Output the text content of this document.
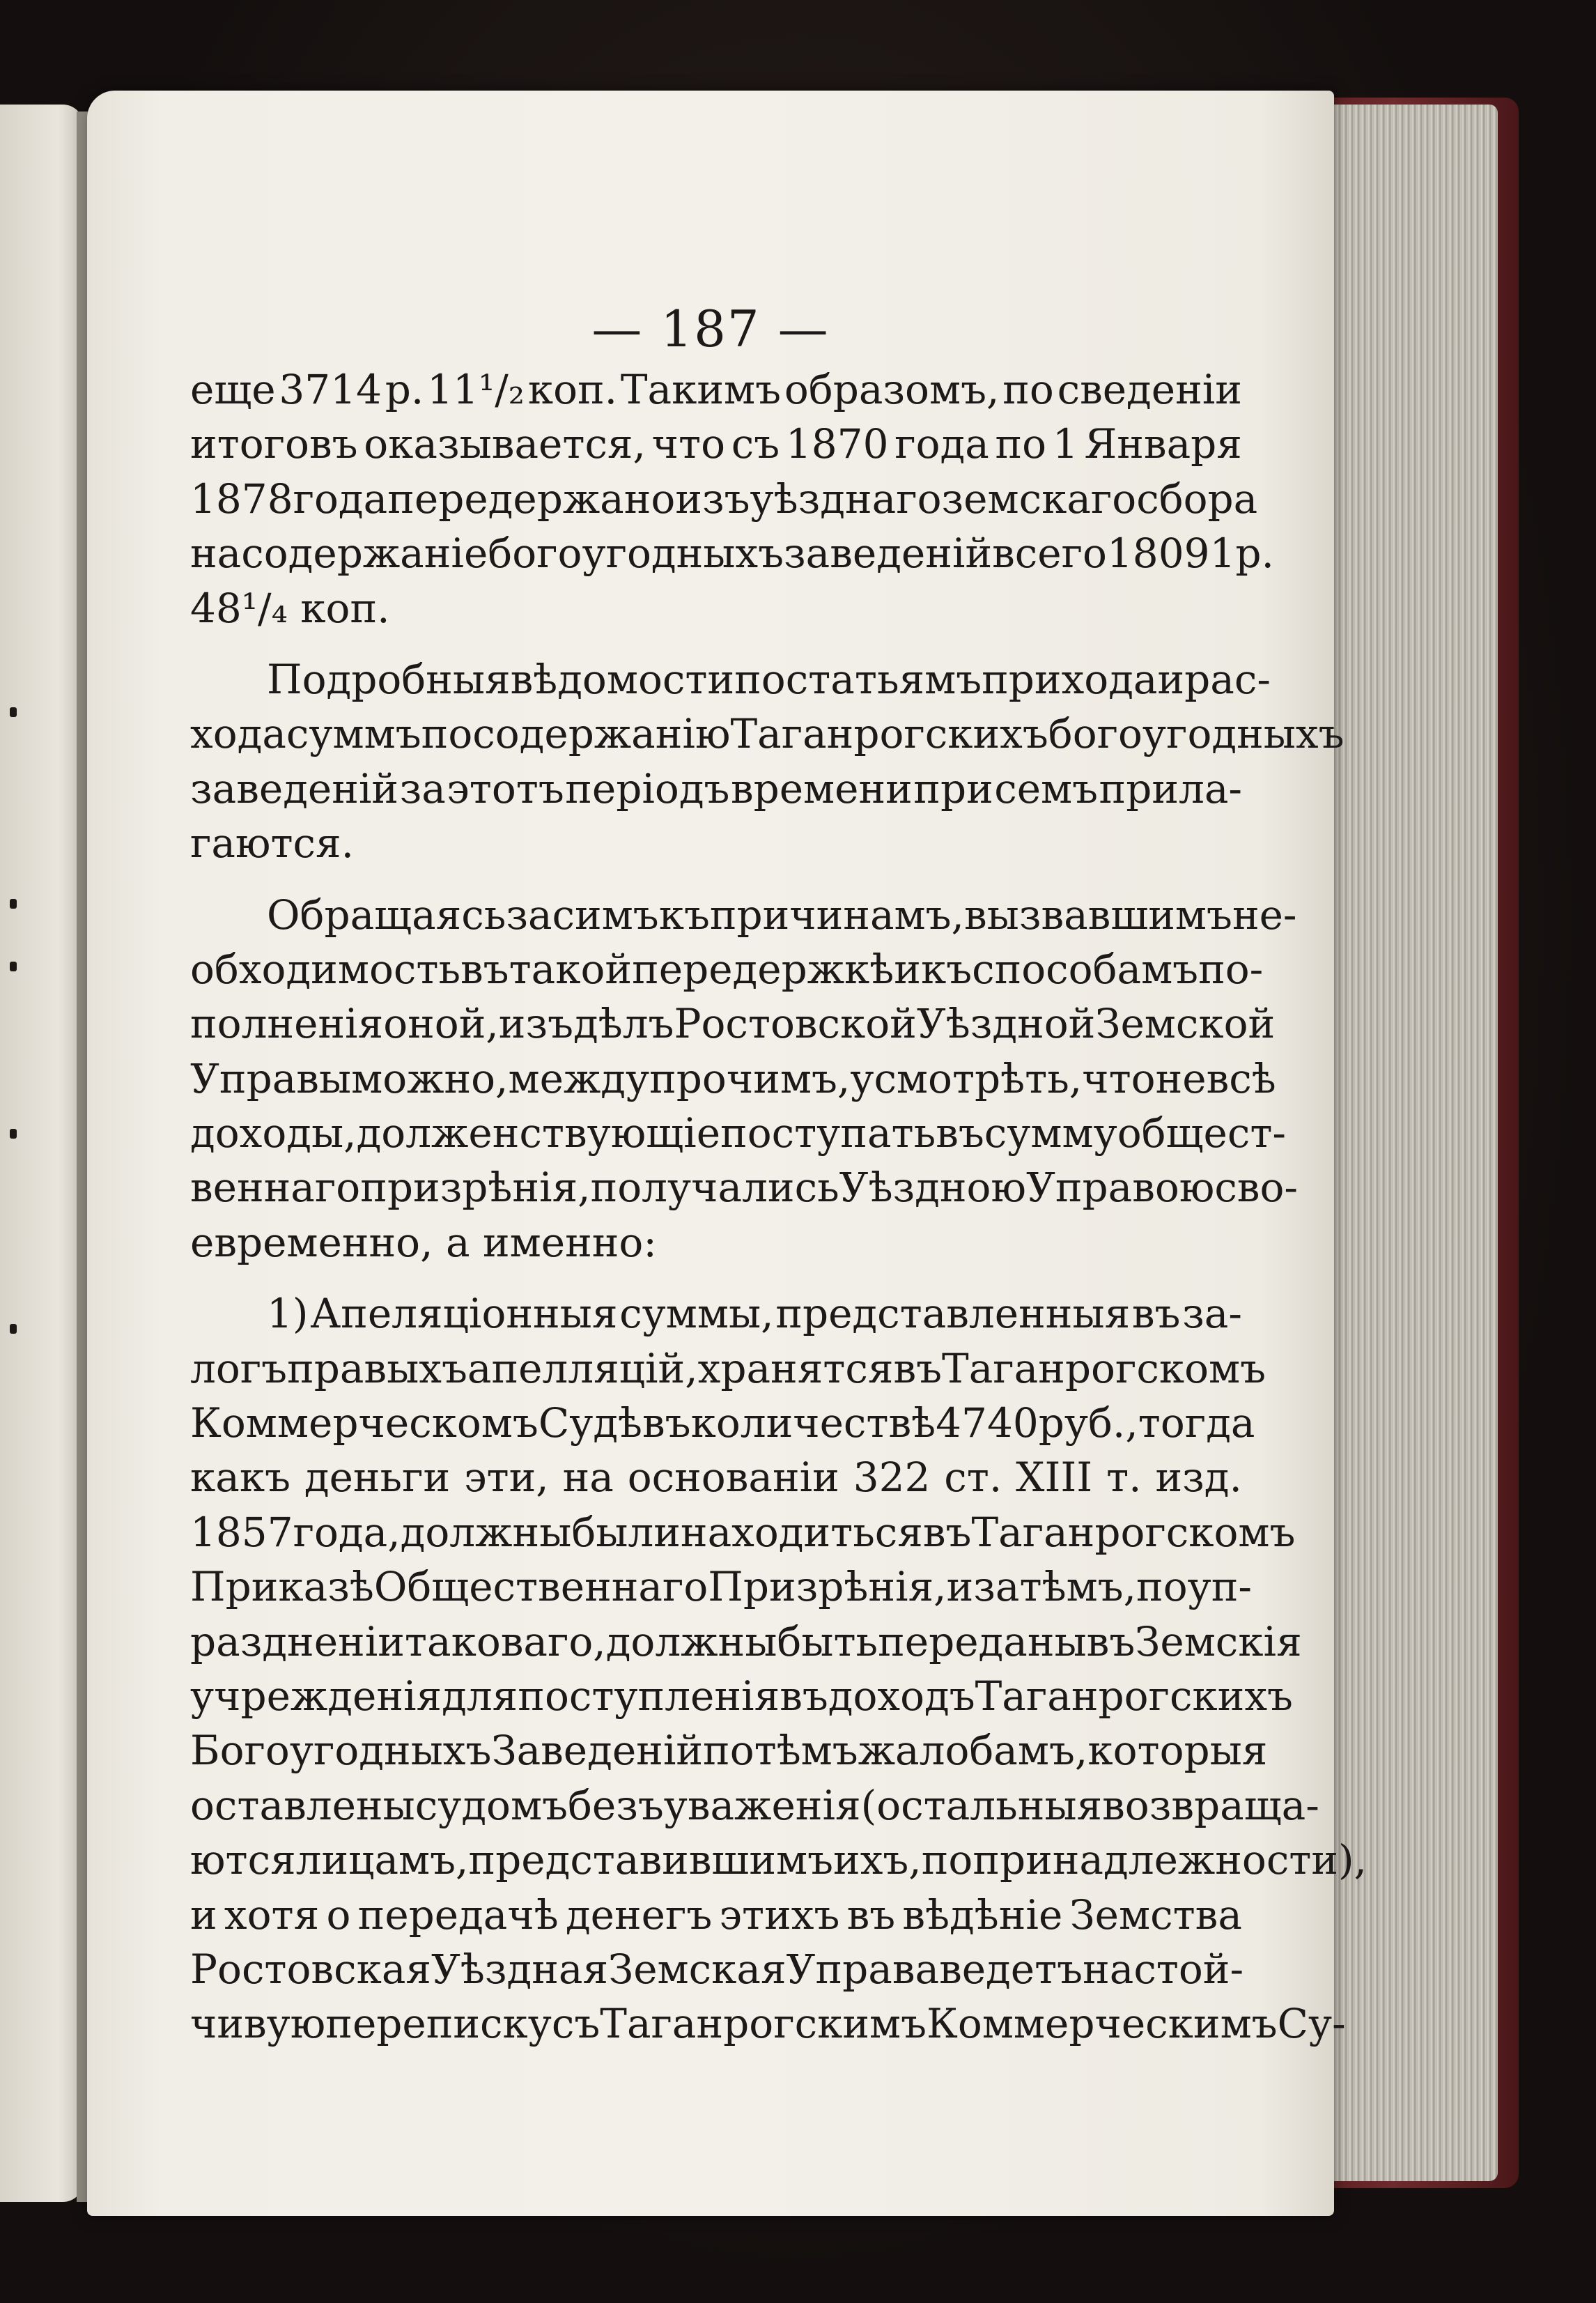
— 187 —
еще 3714 р. 11¹/₂ коп. Такимъ образомъ, по сведенiи
итоговъ оказывается, что съ 1870 года по 1 Января
1878 года передержано изъ уѣзднаго земскаго сбора
на содержанiе богоугодныхъ заведенiй всего 18091 р.
48¹/₄ коп.
Подробныя вѣдомости по статьямъ прихода и рас-
хода суммъ по содержанiю Таганрогскихъ богоугодныхъ
заведенiй за этотъ перiодъ времени при семъ прила-
гаются.
Обращаясь за симъ къ причинамъ, вызвавшимъ не-
обходимость въ такой передержкѣ и къ способамъ по-
полненiя оной, изъ дѣлъ Ростовской Уѣздной Земской
Управы можно, между прочимъ, усмотрѣть, что не всѣ
доходы, долженствующiе поступать въ сумму общест-
веннаго призрѣнiя, получались Уѣздною Управою сво-
евременно, а именно:
1) Апеляцiонныя суммы, представленныя въ за-
логъ правыхъ апелляцiй, хранятся въ Таганрогскомъ
Коммерческомъ Судѣ въ количествѣ 4740 руб., тогда
какъ деньги эти, на основанiи 322 ст. XIII т. изд.
1857 года, должны были находиться въ Таганрогскомъ
Приказѣ Общественнаго Призрѣнiя, и затѣмъ, по уп-
раздненiи таковаго, должны быть переданы въ Земскiя
учрежденiя для поступленiя въ доходъ Таганрогскихъ
Богоугодныхъ Заведенiй по тѣмъ жалобамъ, которыя
оставлены судомъ безъ уваженiя (остальныя возвраща-
ются лицамъ, представившимъ ихъ, по принадлежности),
и хотя о передачѣ денегъ этихъ въ вѣдѣнiе Земства
Ростовская Уѣздная Земская Управа ведетъ настой-
чивую переписку съ Таганрогскимъ Коммерческимъ Су-
